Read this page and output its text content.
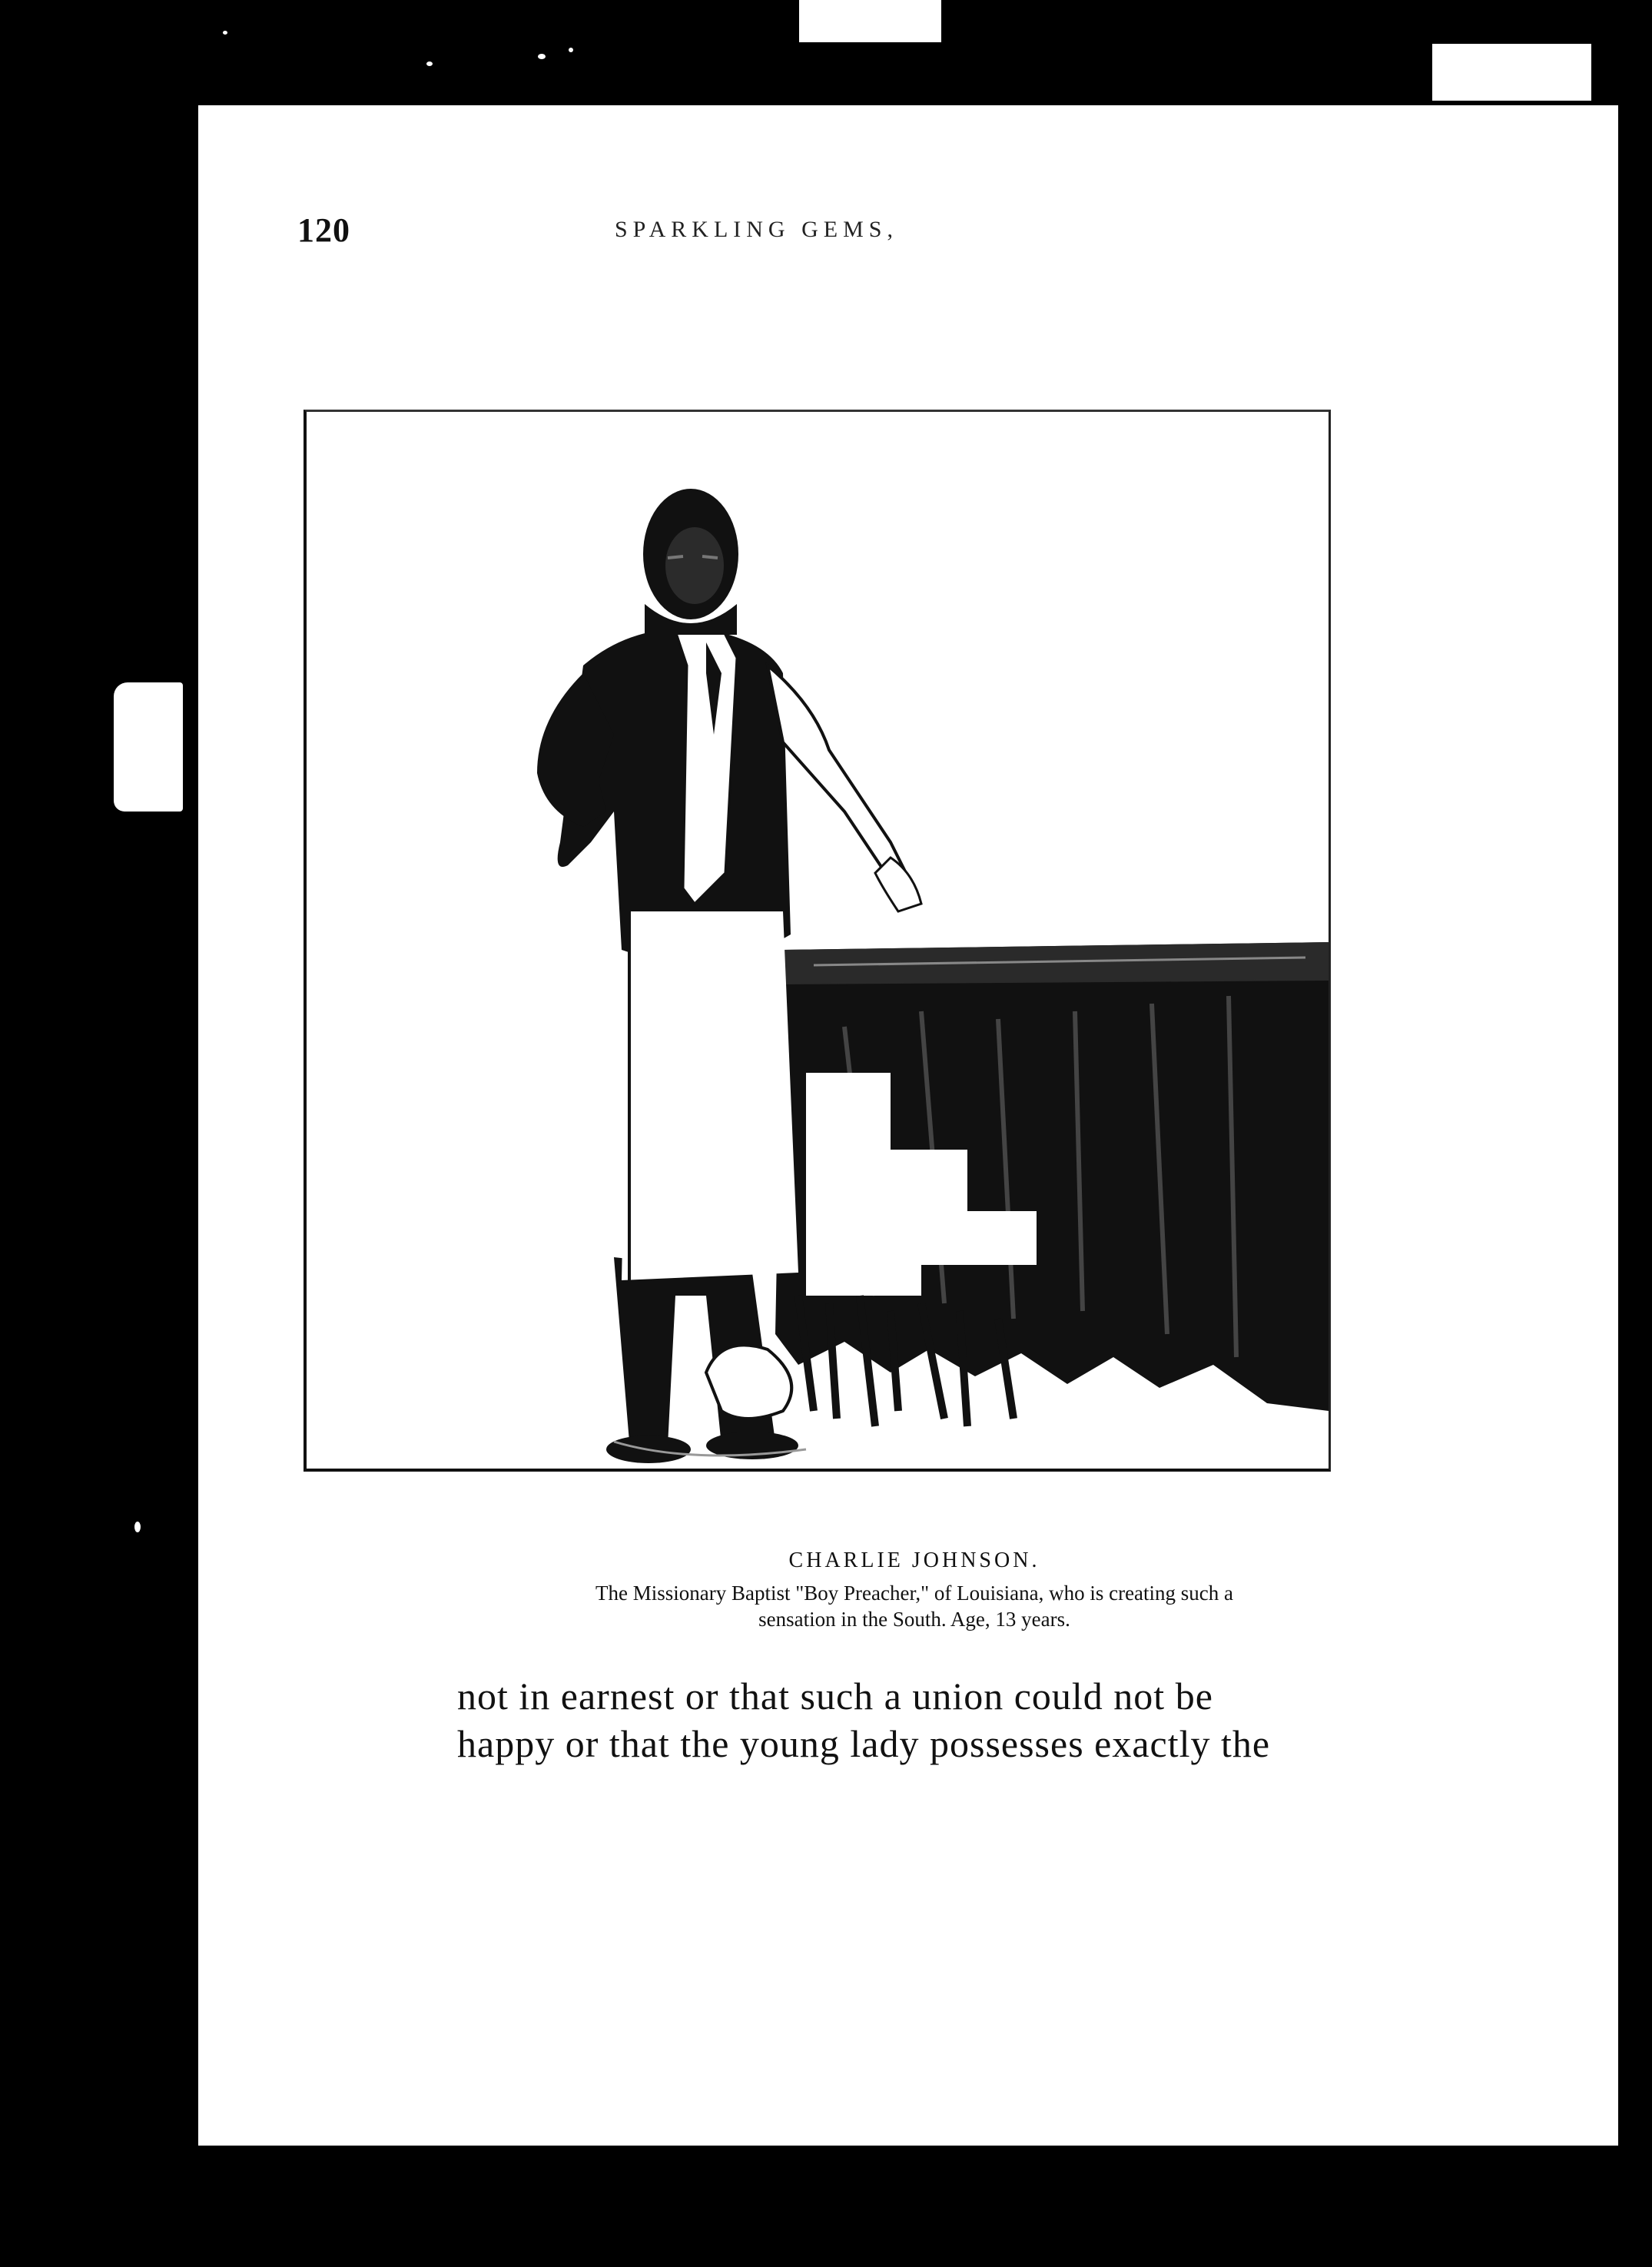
120	SPARKLING GEMS,
CHARLIE JOHNSON.
The Missionary Baptist "Boy Preacher," of Louisiana, who is creating such a
sensation in the South. Age, 13 years.
not in earnest or that such a union could not be
happy or that the young lady possesses exactly the
